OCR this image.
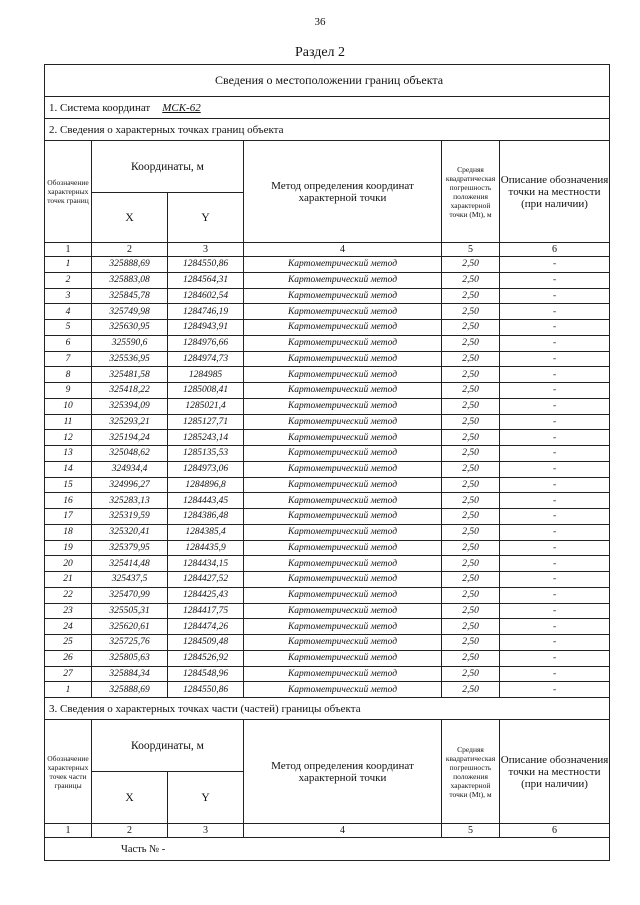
36
Раздел 2
Сведения о местоположении границ объекта					
1. Система координат МСК-62					
2. Сведения о характерных точках границ объекта					
Обозначение характерных точек границ	Координаты, м		Метод определения координат характерной точки	Средняя квадратическая погрешность положения характерной точки (Mt), м	Описание обозначения точки на местности (при наличии)
	X	Y			
1	2	3	4	5	6
1	325888,69	1284550,86	Картометрический метод	2,50	-
2	325883,08	1284564,31	Картометрический метод	2,50	-
3	325845,78	1284602,54	Картометрический метод	2,50	-
4	325749,98	1284746,19	Картометрический метод	2,50	-
5	325630,95	1284943,91	Картометрический метод	2,50	-
6	325590,6	1284976,66	Картометрический метод	2,50	-
7	325536,95	1284974,73	Картометрический метод	2,50	-
8	325481,58	1284985	Картометрический метод	2,50	-
9	325418,22	1285008,41	Картометрический метод	2,50	-
10	325394,09	1285021,4	Картометрический метод	2,50	-
11	325293,21	1285127,71	Картометрический метод	2,50	-
12	325194,24	1285243,14	Картометрический метод	2,50	-
13	325048,62	1285135,53	Картометрический метод	2,50	-
14	324934,4	1284973,06	Картометрический метод	2,50	-
15	324996,27	1284896,8	Картометрический метод	2,50	-
16	325283,13	1284443,45	Картометрический метод	2,50	-
17	325319,59	1284386,48	Картометрический метод	2,50	-
18	325320,41	1284385,4	Картометрический метод	2,50	-
19	325379,95	1284435,9	Картометрический метод	2,50	-
20	325414,48	1284434,15	Картометрический метод	2,50	-
21	325437,5	1284427,52	Картометрический метод	2,50	-
22	325470,99	1284425,43	Картометрический метод	2,50	-
23	325505,31	1284417,75	Картометрический метод	2,50	-
24	325620,61	1284474,26	Картометрический метод	2,50	-
25	325725,76	1284509,48	Картометрический метод	2,50	-
26	325805,63	1284526,92	Картометрический метод	2,50	-
27	325884,34	1284548,96	Картометрический метод	2,50	-
1	325888,69	1284550,86	Картометрический метод	2,50	-
3. Сведения о характерных точках части (частей) границы объекта					
Обозначение характерных точек части границы	Координаты, м		Метод определения координат характерной точки	Средняя квадратическая погрешность положения характерной точки (Mt), м	Описание обозначения точки на местности (при наличии)
	X	Y			
1	2	3	4	5	6
Часть № -					
